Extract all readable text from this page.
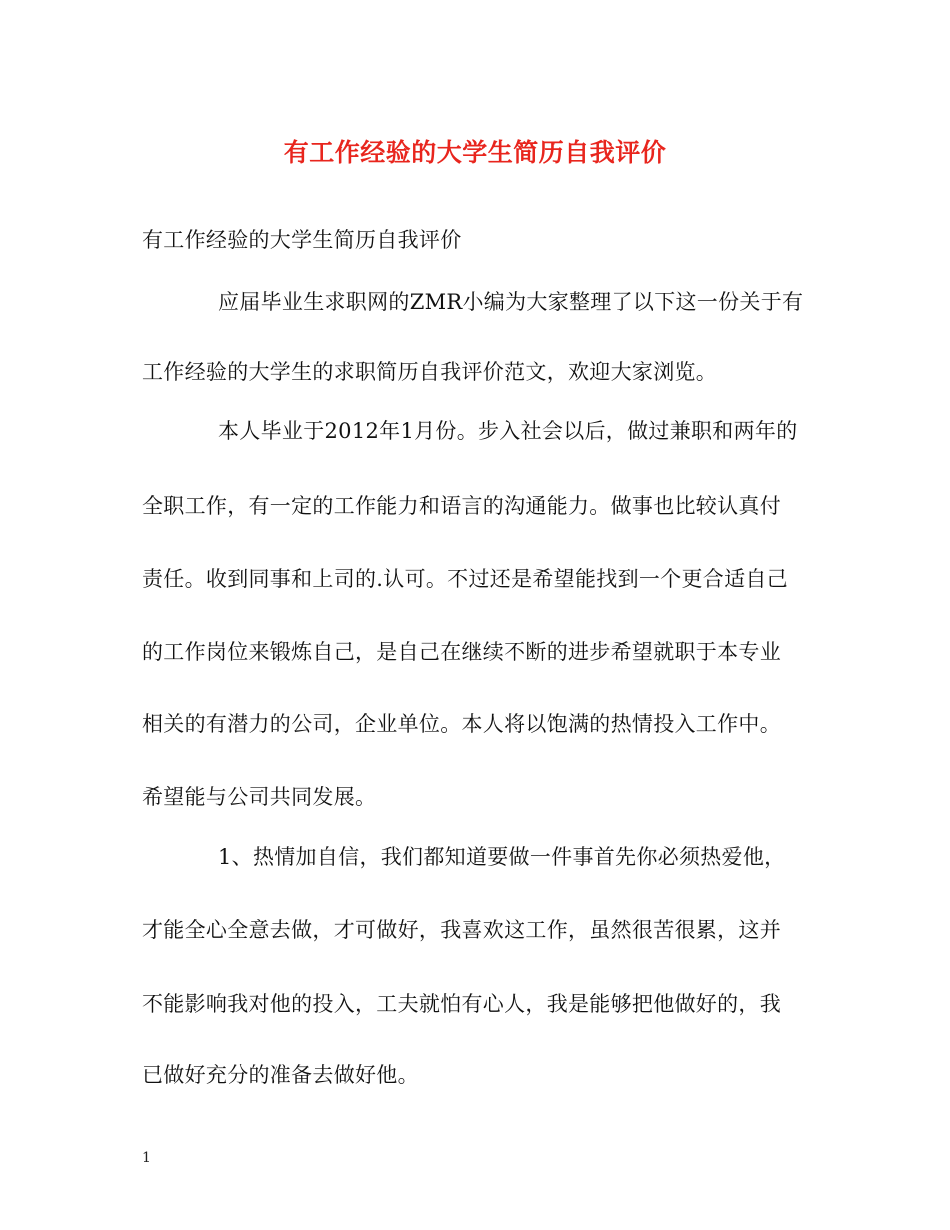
有工作经验的大学生简历自我评价
有工作经验的大学生简历自我评价
应届毕业生求职网的ZMR小编为大家整理了以下这一份关于有
工作经验的大学生的求职简历自我评价范文，欢迎大家浏览。
本人毕业于2012年1月份。步入社会以后，做过兼职和两年的
全职工作，有一定的工作能力和语言的沟通能力。做事也比较认真付
责任。收到同事和上司的.认可。不过还是希望能找到一个更合适自己
的工作岗位来锻炼自己，是自己在继续不断的进步希望就职于本专业
相关的有潜力的公司，企业单位。本人将以饱满的热情投入工作中。
希望能与公司共同发展。
1、热情加自信，我们都知道要做一件事首先你必须热爱他，
才能全心全意去做，才可做好，我喜欢这工作，虽然很苦很累，这并
不能影响我对他的投入，工夫就怕有心人，我是能够把他做好的，我
已做好充分的准备去做好他。
1
